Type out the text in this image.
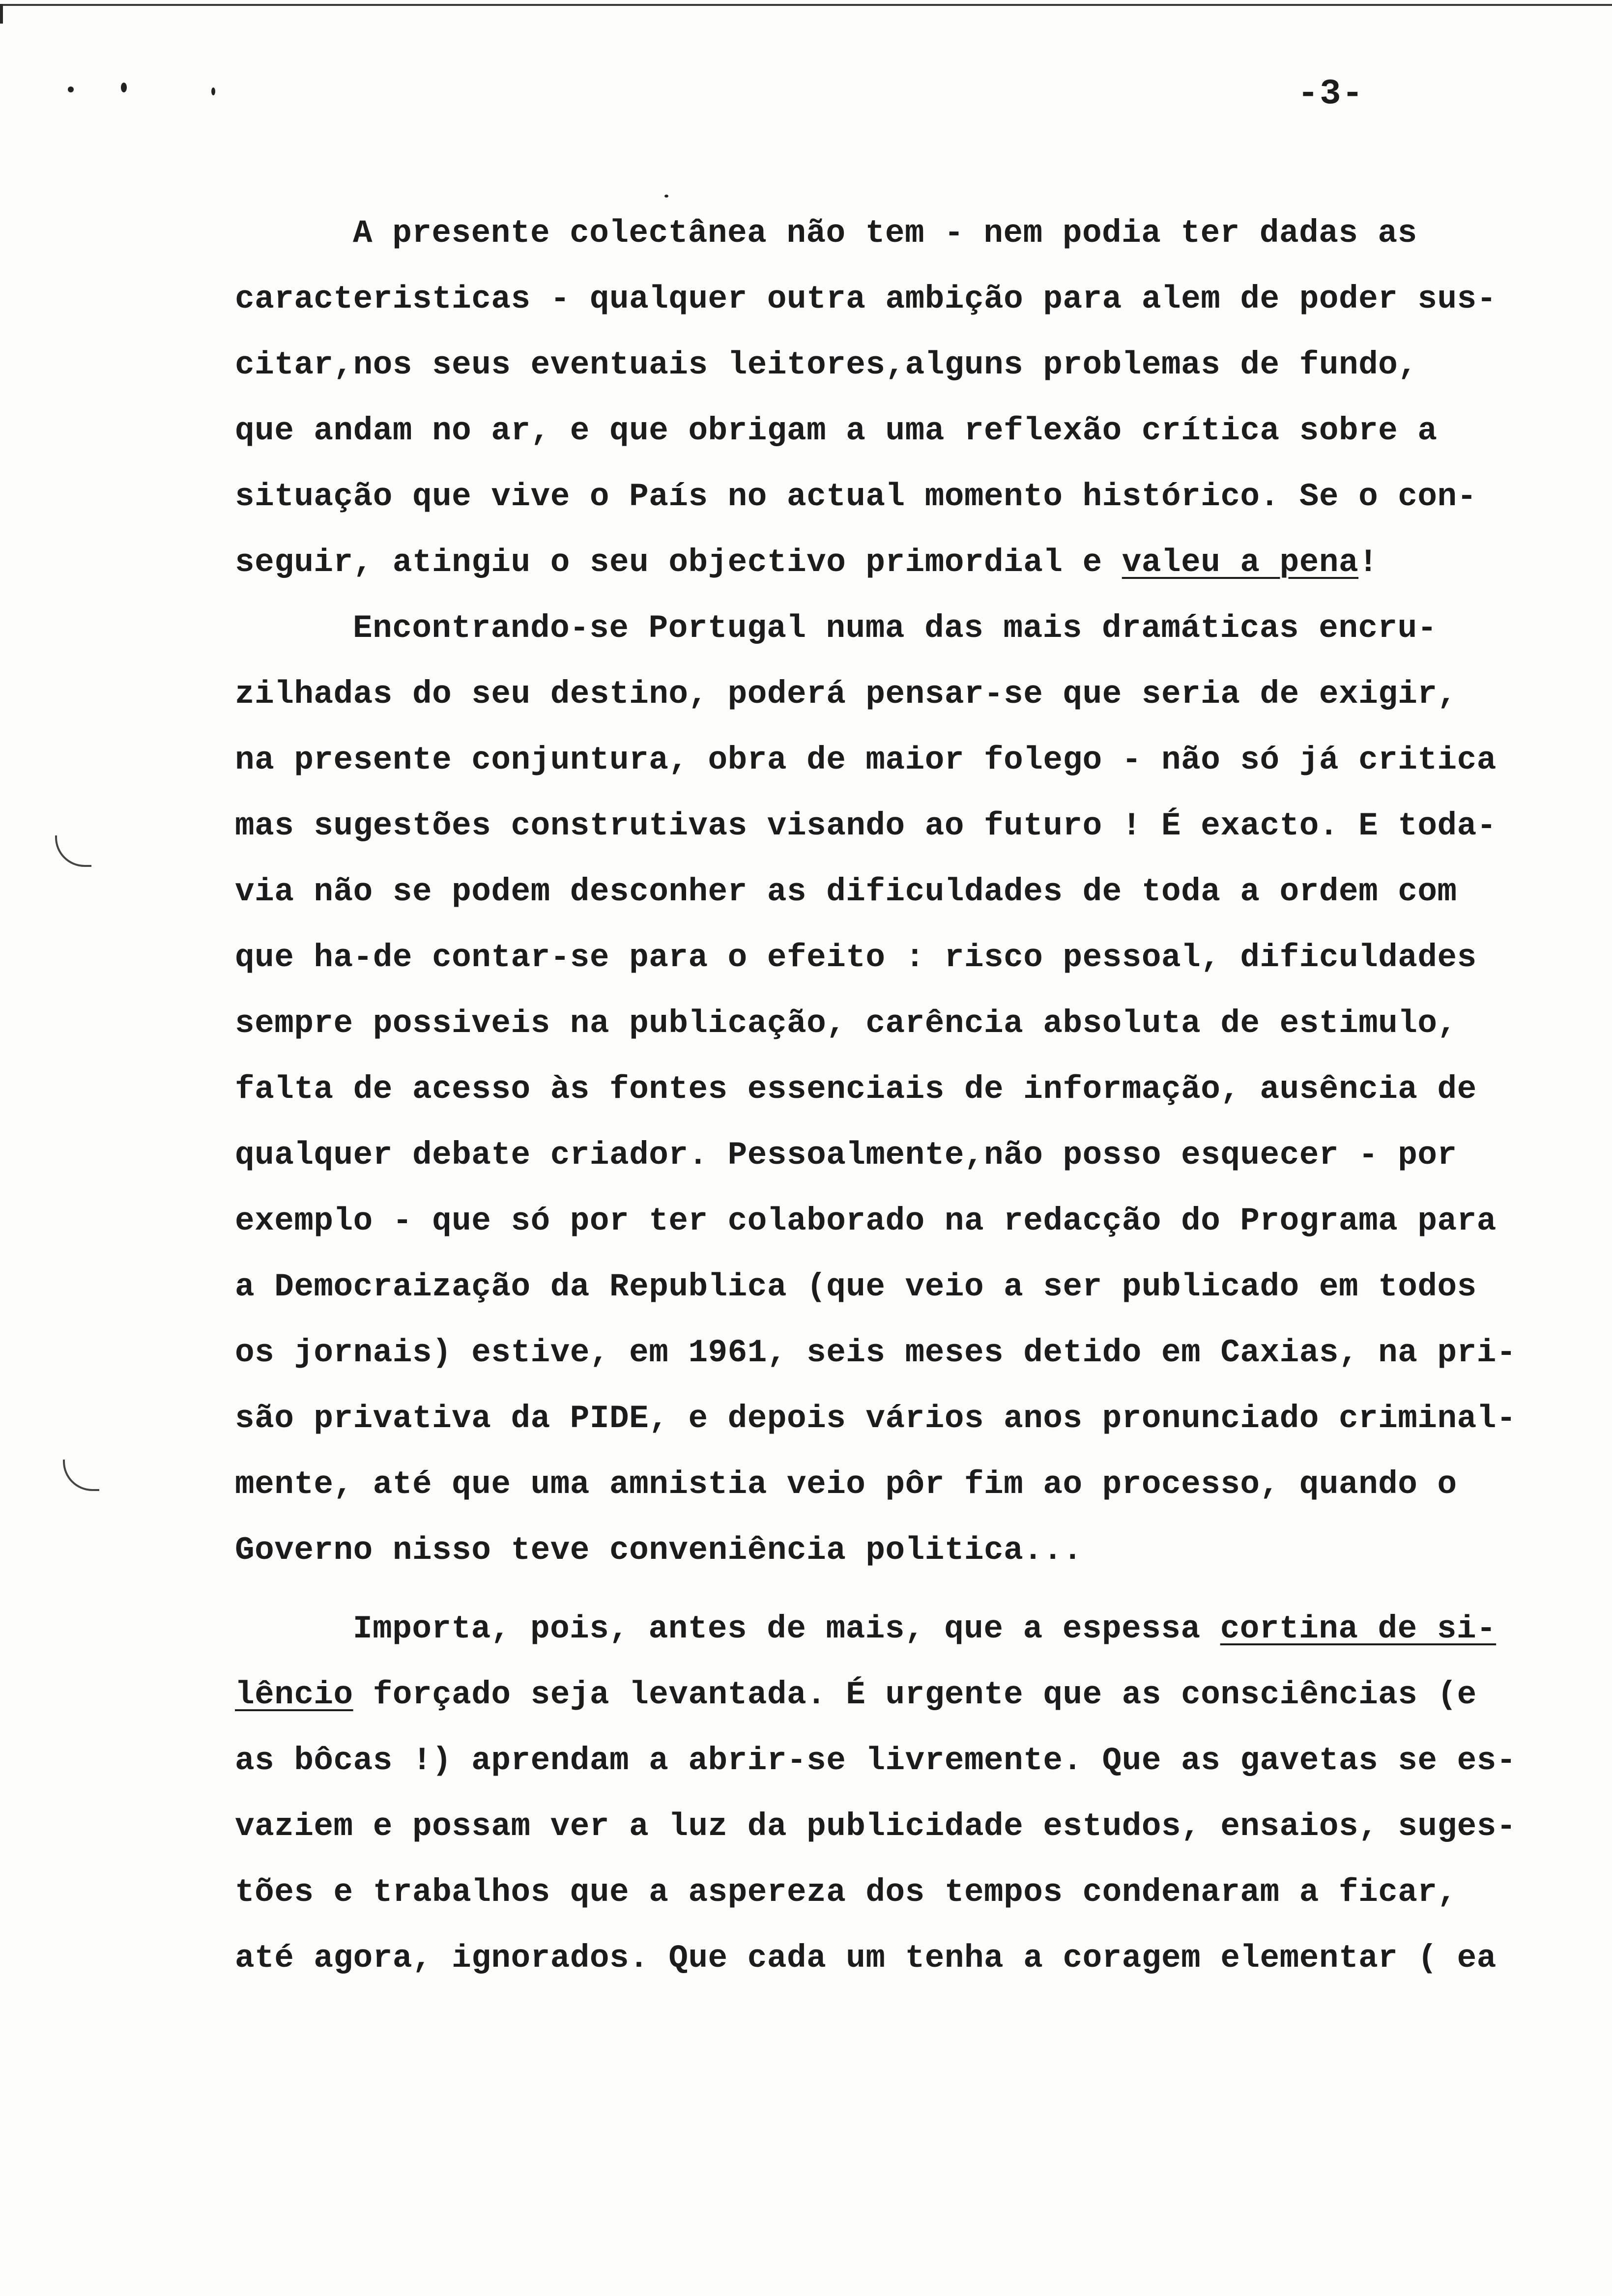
-3-
A presente colectânea não tem - nem podia ter dadas as
caracteristicas - qualquer outra ambição para alem de poder sus-
citar,nos seus eventuais leitores,alguns problemas de fundo,
que andam no ar, e que obrigam a uma reflexão crítica sobre a
situação que vive o País no actual momento histórico. Se o con-
seguir, atingiu o seu objectivo primordial e valeu a pena!
Encontrando-se Portugal numa das mais dramáticas encru-
zilhadas do seu destino, poderá pensar-se que seria de exigir,
na presente conjuntura, obra de maior folego - não só já critica
mas sugestões construtivas visando ao futuro ! É exacto. E toda-
via não se podem desconher as dificuldades de toda a ordem com
que ha-de contar-se para o efeito : risco pessoal, dificuldades
sempre possiveis na publicação, carência absoluta de estimulo,
falta de acesso às fontes essenciais de informação, ausência de
qualquer debate criador. Pessoalmente,não posso esquecer - por
exemplo - que só por ter colaborado na redacção do Programa para
a Democraização da Republica (que veio a ser publicado em todos
os jornais) estive, em 1961, seis meses detido em Caxias, na pri-
são privativa da PIDE, e depois vários anos pronunciado criminal-
mente, até que uma amnistia veio pôr fim ao processo, quando o
Governo nisso teve conveniência politica...
Importa, pois, antes de mais, que a espessa cortina de si-
lêncio forçado seja levantada. É urgente que as consciências (e
as bôcas !) aprendam a abrir-se livremente. Que as gavetas se es-
vaziem e possam ver a luz da publicidade estudos, ensaios, suges-
tões e trabalhos que a aspereza dos tempos condenaram a ficar,
até agora, ignorados. Que cada um tenha a coragem elementar ( ea
